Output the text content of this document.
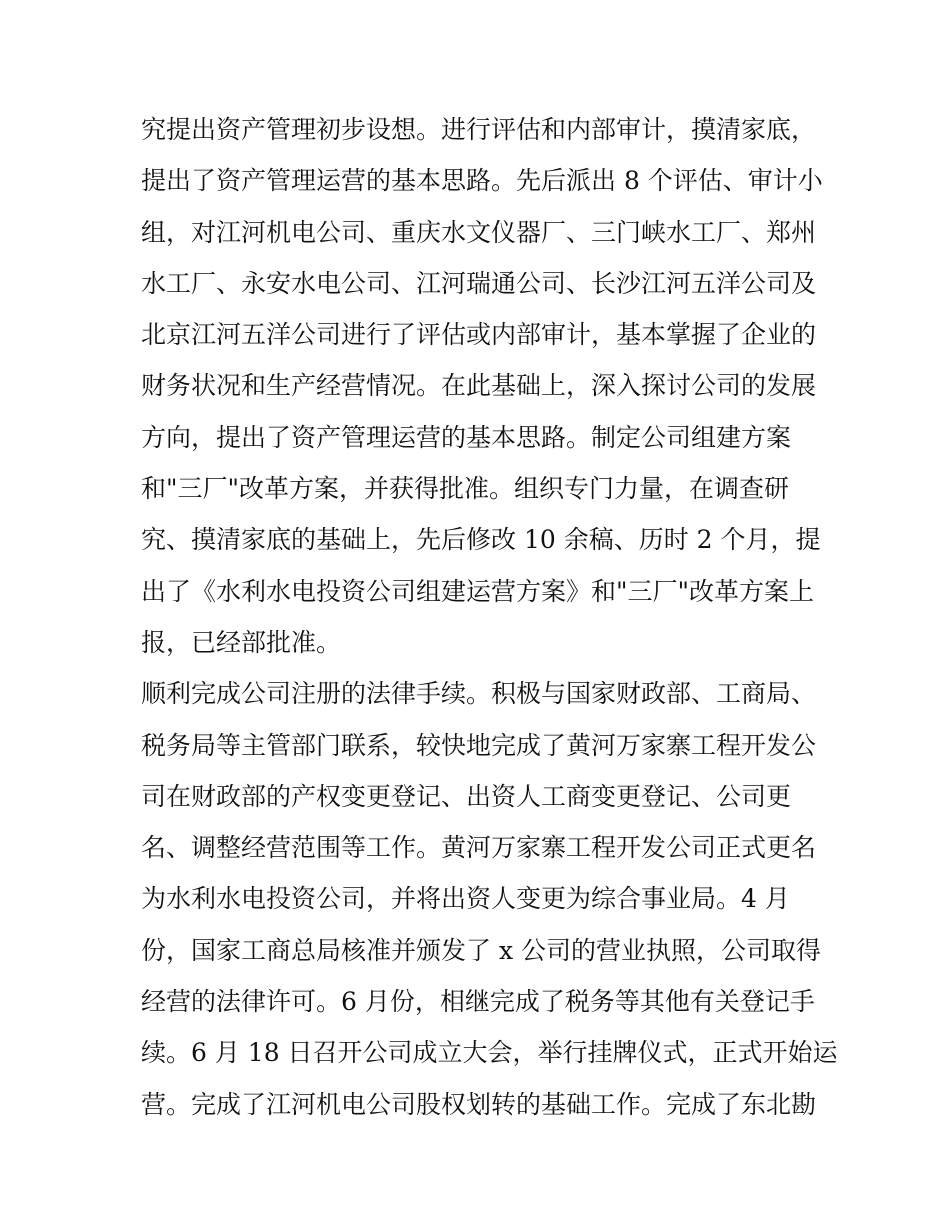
究提出资产管理初步设想。进行评估和内部审计，摸清家底，
提出了资产管理运营的基本思路。先后派出 8 个评估、审计小
组，对江河机电公司、重庆水文仪器厂、三门峡水工厂、郑州
水工厂、永安水电公司、江河瑞通公司、长沙江河五洋公司及
北京江河五洋公司进行了评估或内部审计，基本掌握了企业的
财务状况和生产经营情况。在此基础上，深入探讨公司的发展
方向，提出了资产管理运营的基本思路。制定公司组建方案
和"三厂"改革方案，并获得批准。组织专门力量，在调查研
究、摸清家底的基础上，先后修改 10 余稿、历时 2 个月，提
出了《水利水电投资公司组建运营方案》和"三厂"改革方案上
报，已经部批准。
顺利完成公司注册的法律手续。积极与国家财政部、工商局、
税务局等主管部门联系，较快地完成了黄河万家寨工程开发公
司在财政部的产权变更登记、出资人工商变更登记、公司更
名、调整经营范围等工作。黄河万家寨工程开发公司正式更名
为水利水电投资公司，并将出资人变更为综合事业局。4 月
份，国家工商总局核准并颁发了 x 公司的营业执照，公司取得
经营的法律许可。6 月份，相继完成了税务等其他有关登记手
续。6 月 18 日召开公司成立大会，举行挂牌仪式，正式开始运
营。完成了江河机电公司股权划转的基础工作。完成了东北勘
